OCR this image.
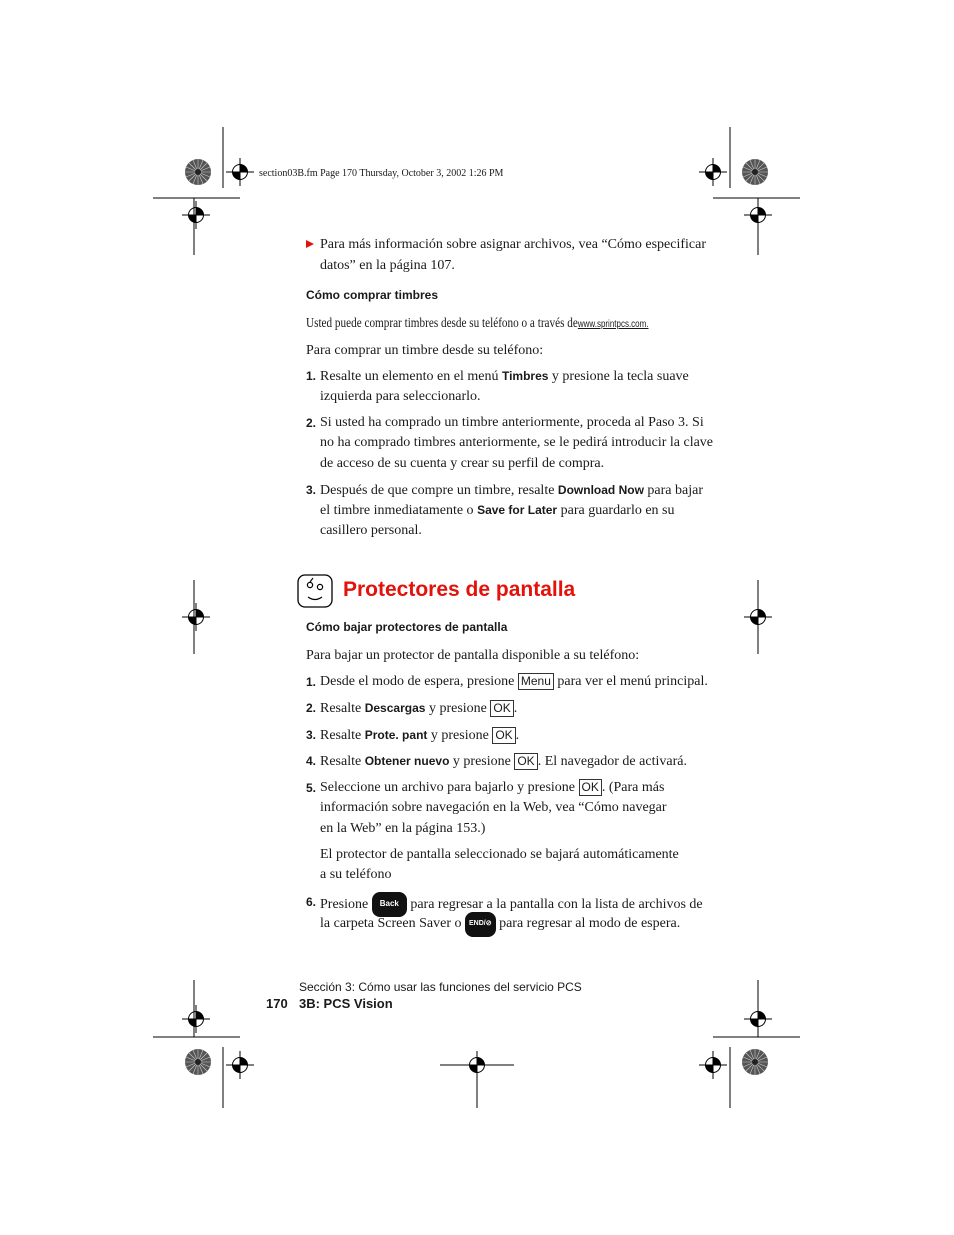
section03B.fm Page 170 Thursday, October 3, 2002 1:26 PM
Para más información sobre asignar archivos, vea “Cómo especificar
datos” en la página 107.
Cómo comprar timbres
Usted puede comprar timbres desde su teléfono o a través dewww.sprintpcs.com.
Para comprar un timbre desde su teléfono:
1. Resalte un elemento en el menú Timbres y presione la tecla suave
izquierda para seleccionarlo.
2. Si usted ha comprado un timbre anteriormente, proceda al Paso 3. Si
no ha comprado timbres anteriormente, se le pedirá introducir la clave
de acceso de su cuenta y crear su perfil de compra.
3. Después de que compre un timbre, resalte Download Now para bajar
el timbre inmediatamente o Save for Later para guardarlo en su
casillero personal.
Protectores de pantalla
Cómo bajar protectores de pantalla
Para bajar un protector de pantalla disponible a su teléfono:
1. Desde el modo de espera, presione Menu para ver el menú principal.
2. Resalte Descargas y presione OK .
3. Resalte Prote. pant y presione OK .
4. Resalte Obtener nuevo y presione OK . El navegador de activará.
5. Seleccione un archivo para bajarlo y presione OK . (Para más
información sobre navegación en la Web, vea “Cómo navegar
en la Web” en la página 153.)
El protector de pantalla seleccionado se bajará automáticamente
a su teléfono
6. Presione Back para regresar a la pantalla con la lista de archivos de
la carpeta Screen Saver o END/⊘ para regresar al modo de espera.
Sección 3: Cómo usar las funciones del servicio PCS
170 3B: PCS Vision
